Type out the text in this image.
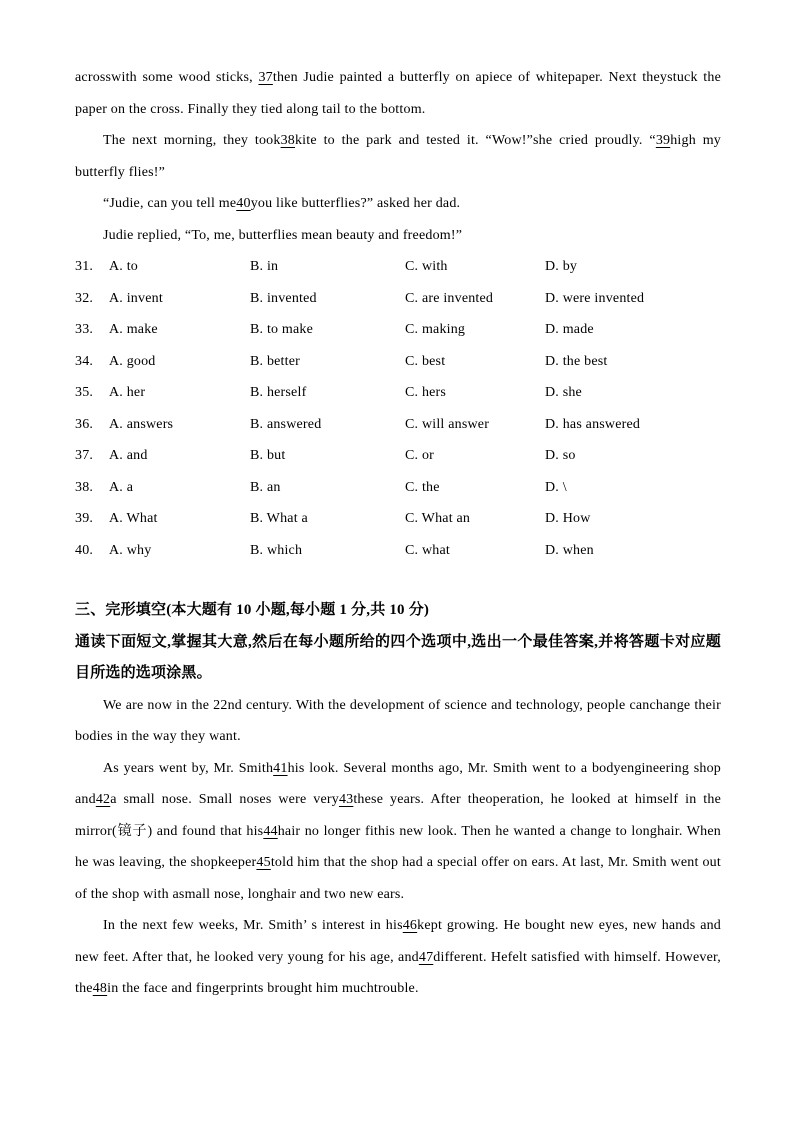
acrosswith some wood sticks, 37then Judie painted a butterfly on apiece of whitepaper. Next theystuck the paper on the cross. Finally they tied along tail to the bottom.

The next morning, they took38kite to the park and tested it. “Wow!”she cried proudly. “39high my butterfly flies!”

“Judie, can you tell me40you like butterflies?” asked her dad.

Judie replied, “To, me, butterflies mean beauty and freedom!”

31.	A. to	B. in	C. with	D. by
32.	A. invent	B. invented	C. are invented	D. were invented
33.	A. make	B. to make	C. making	D. made
34.	A. good	B. better	C. best	D. the best
35.	A. her	B. herself	C. hers	D. she
36.	A. answers	B. answered	C. will answer	D. has answered
37.	A. and	B. but	C. or	D. so
38.	A. a	B. an	C. the	D. \
39.	A. What	B. What a	C. What an	D. How
40.	A. why	B. which	C. what	D. when
三、完形填空(本大题有 10 小题,每小题 1 分,共 10 分)

通读下面短文,掌握其大意,然后在每小题所给的四个选项中,选出一个最佳答案,并将答题卡对应题目所选的选项涂黑。

We are now in the 22nd century. With the development of science and technology, people canchange their bodies in the way they want.

As years went by, Mr. Smith41his look. Several months ago, Mr. Smith went to a bodyengineering shop and42a small nose. Small noses were very43these years. After theoperation, he looked at himself in the mirror(镜子) and found that his44hair no longer fithis new look. Then he wanted a change to longhair. When he was leaving, the shopkeeper45told him that the shop had a special offer on ears. At last, Mr. Smith went out of the shop with asmall nose, longhair and two new ears.

In the next few weeks, Mr. Smith’ s interest in his46kept growing. He bought new eyes, new hands and new feet. After that, he looked very young for his age, and47different. Hefelt satisfied with himself. However, the48in the face and fingerprints brought him muchtrouble.
